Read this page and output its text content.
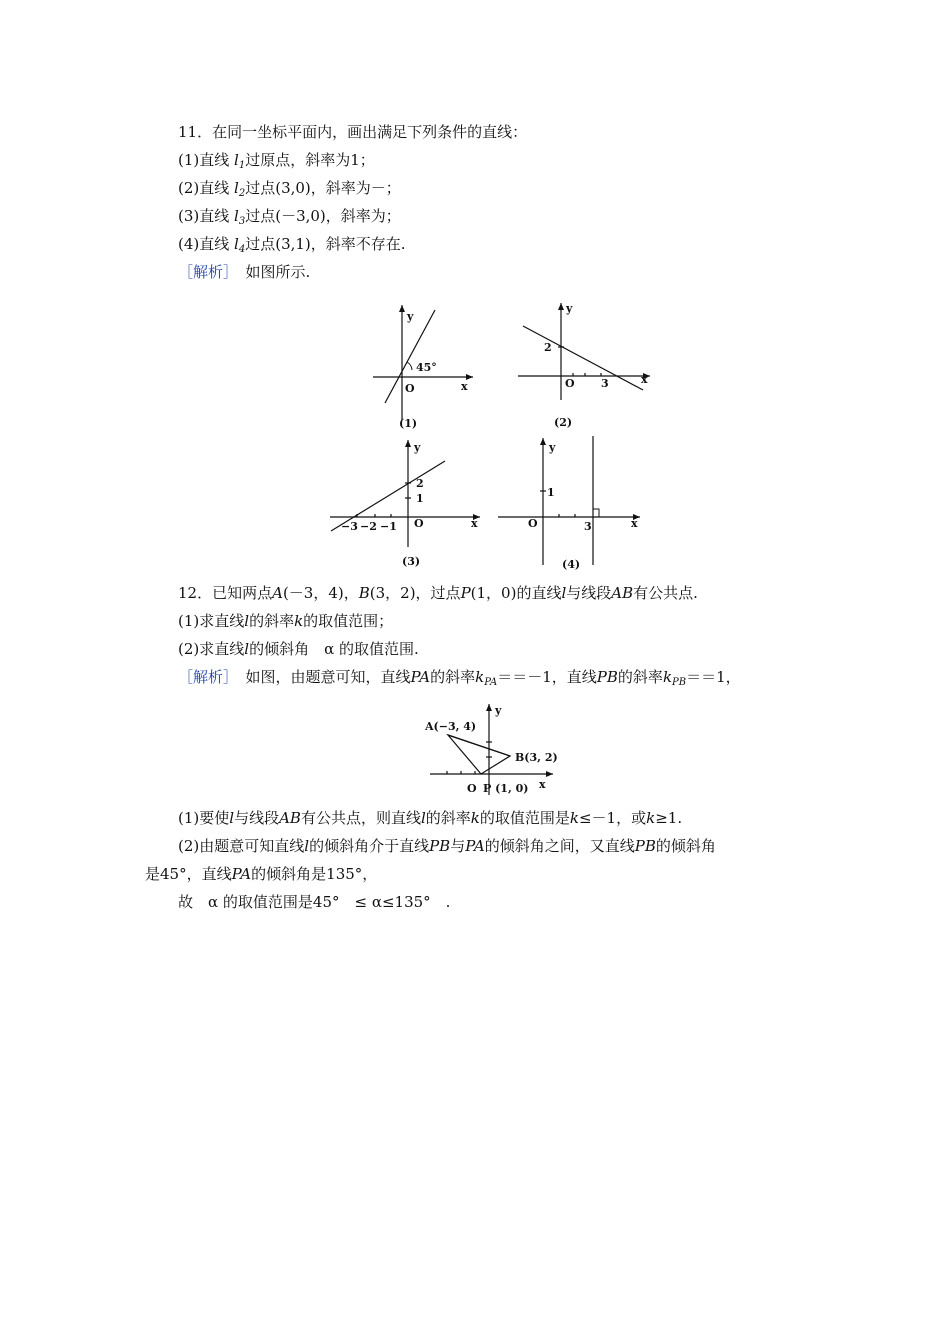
11．在同一坐标平面内，画出满足下列条件的直线：
(1)直线 $l_1$过原点，斜率为1；
(2)直线 $l_2$过点(3,0)，斜率为－；
(3)直线 $l_3$过点(－3,0)，斜率为；
(4)直线 $l_4$过点(3,1)，斜率不存在.
［解析］　如图所示.
y
x
O
45°
(1)
y
x
O
2
3
(2)
y
x
O
−3 −2 −1
2
1
(3)
y
x
O
1
3
(4)
12．已知两点A(－3，4)，B(3，2)，过点P(1，0)的直线l与线段AB有公共点.
(1)求直线l的斜率k的取值范围；
(2)求直线l的倾斜角　α 的取值范围.
［解析］　如图，由题意可知，直线PA的斜率$k_{PA}==-1$，直线PB的斜率$k_{PB}==1$，
A(−3, 4)
B(3, 2)
P (1, 0)
O
y
x
(1)要使l与线段AB有公共点，则直线l的斜率k的取值范围是k≤－1，或k≥1.
(2)由题意可知直线l的倾斜角介于直线PB与PA的倾斜角之间，又直线PB的倾斜角
是45°，直线PA的倾斜角是135°，
故　α 的取值范围是45°　≤ α≤135°　.
